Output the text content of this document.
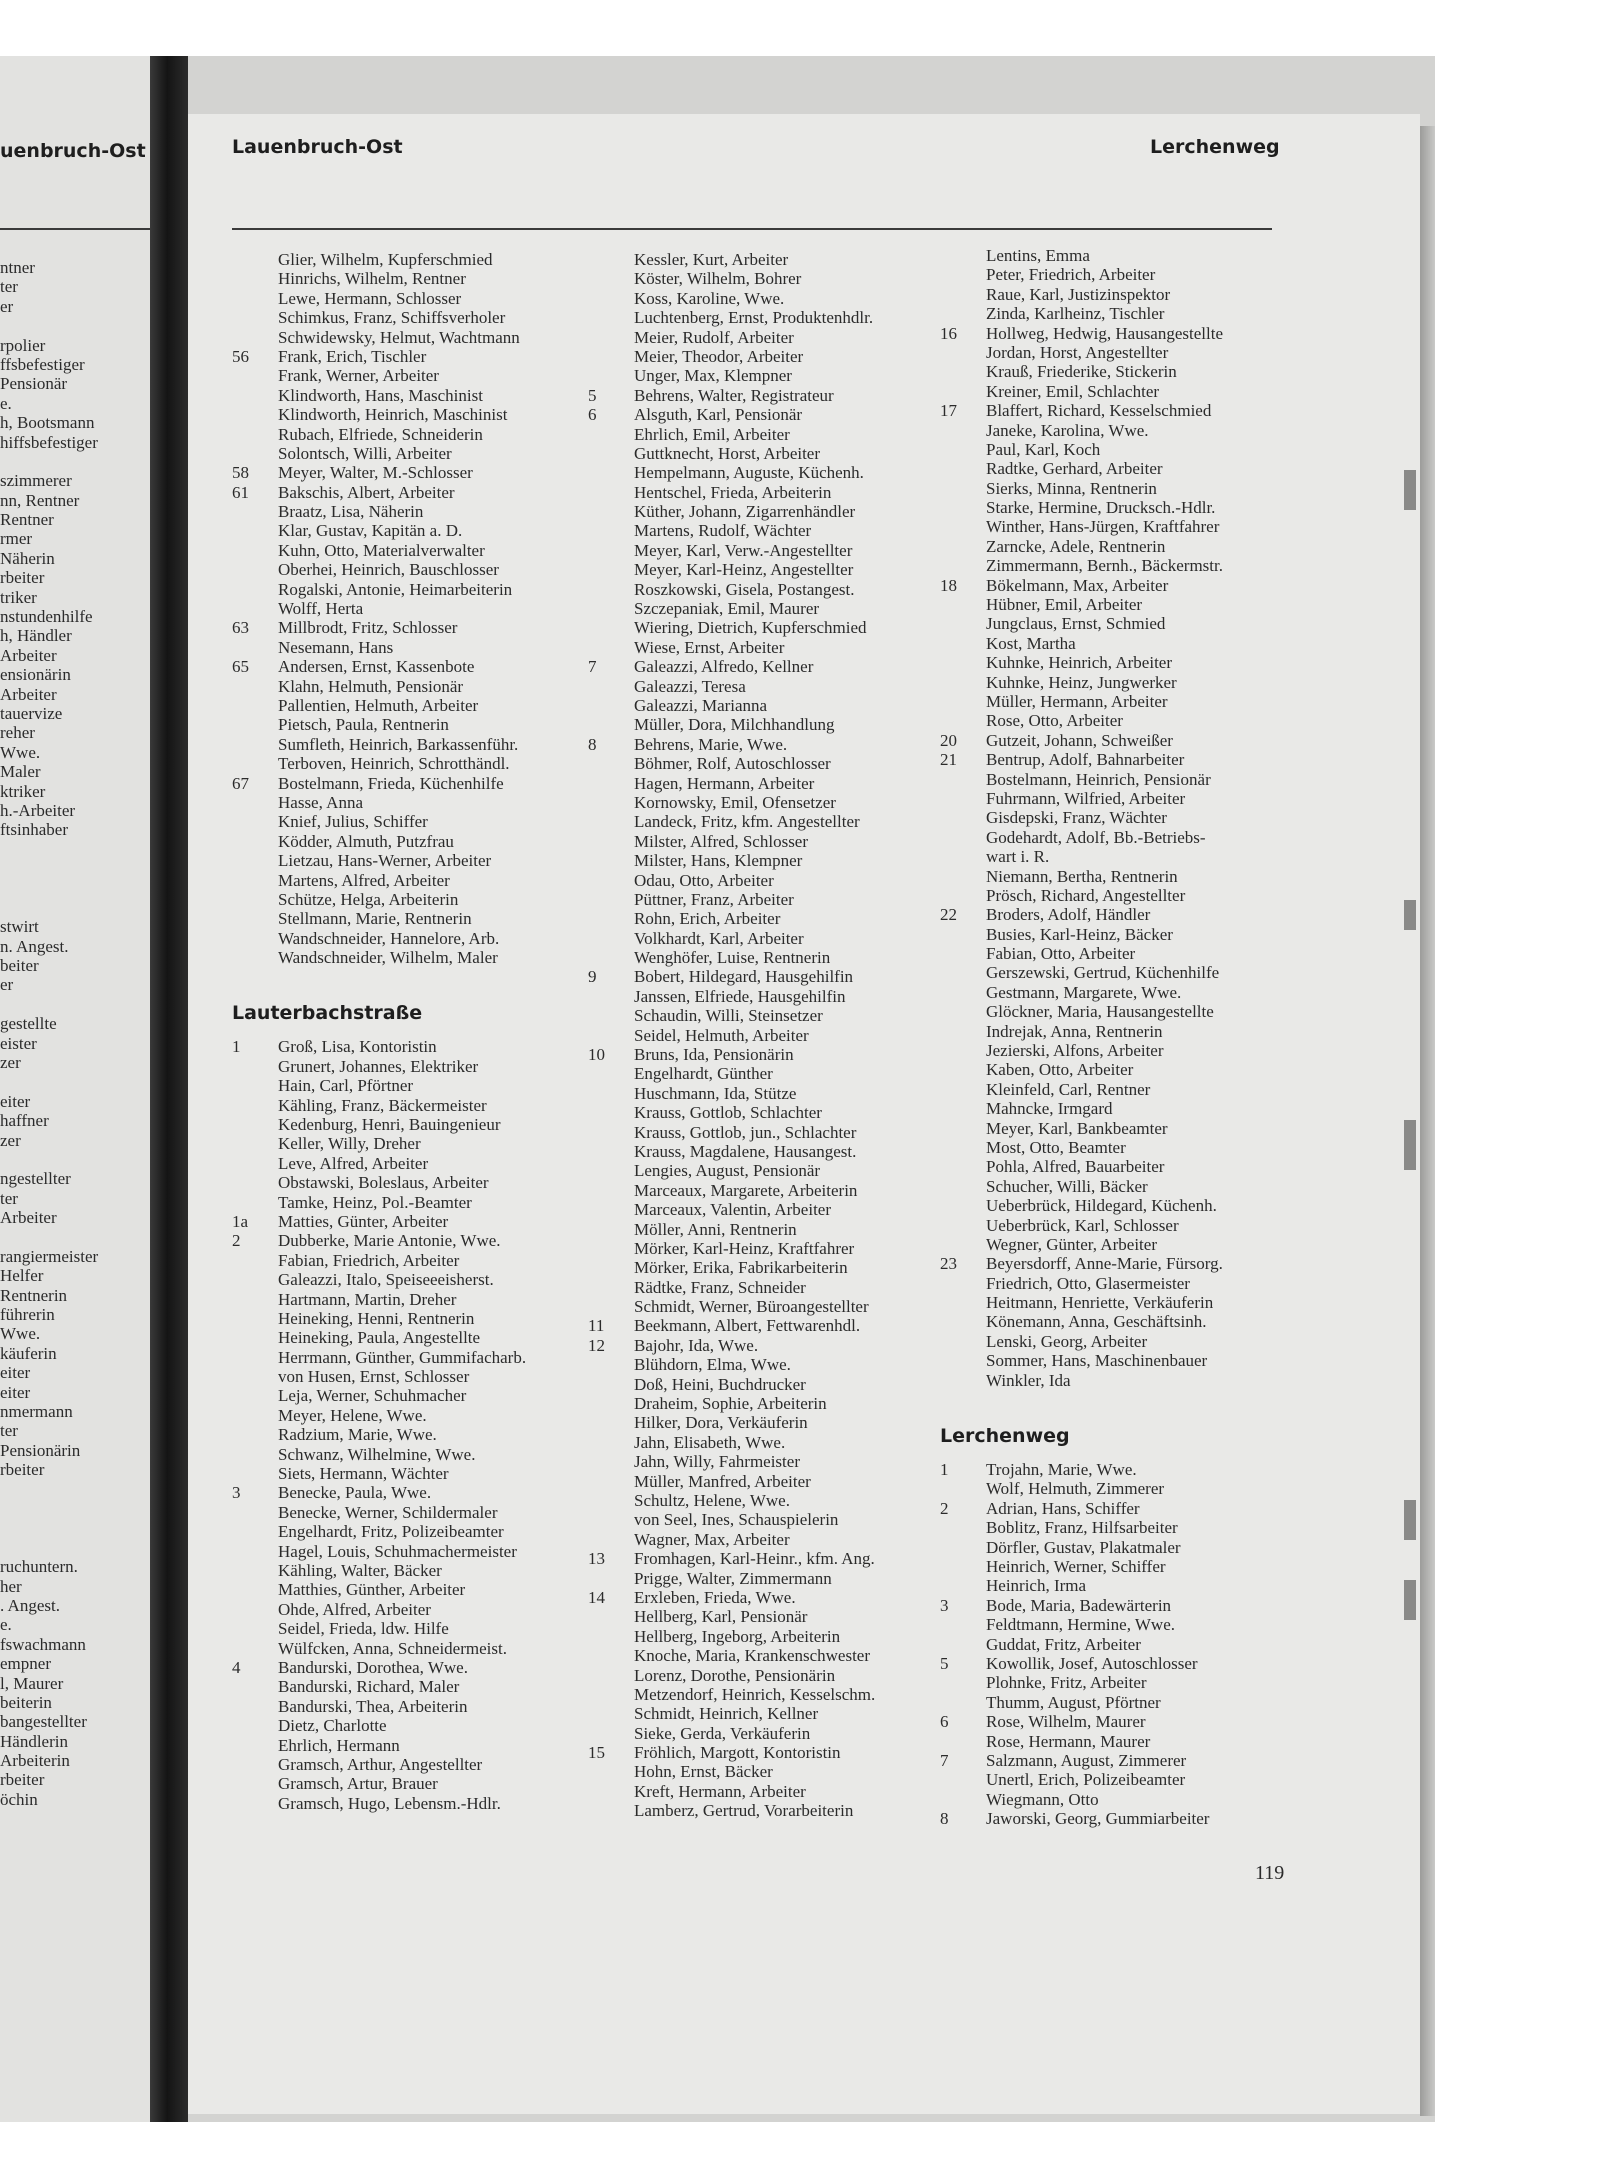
uenbruch-Ost
ntner
ter
er
rpolier
ffsbefestiger
Pensionär
e.
h, Bootsmann
hiffsbefestiger
szimmerer
nn, Rentner
Rentner
rmer
Näherin
rbeiter
triker
nstundenhilfe
h, Händler
Arbeiter
ensionärin
Arbeiter
tauervize
reher
Wwe.
Maler
ktriker
h.-Arbeiter
ftsinhaber
stwirt
n. Angest.
beiter
er
gestellte
eister
zer
eiter
haffner
zer
ngestellter
ter
Arbeiter
rangiermeister
Helfer
Rentnerin
führerin
Wwe.
käuferin
eiter
eiter
nmermann
ter
Pensionärin
rbeiter
ruchuntern.
her
. Angest.
e.
fswachmann
empner
l, Maurer
beiterin
bangestellter
Händlerin
Arbeiterin
rbeiter
öchin
Lauenbruch-Ost	Lerchenweg
Glier, Wilhelm, Kupferschmied
Hinrichs, Wilhelm, Rentner
Lewe, Hermann, Schlosser
Schimkus, Franz, Schiffsverholer
Schwidewsky, Helmut, Wachtmann
56	Frank, Erich, Tischler
Frank, Werner, Arbeiter
Klindworth, Hans, Maschinist
Klindworth, Heinrich, Maschinist
Rubach, Elfriede, Schneiderin
Solontsch, Willi, Arbeiter
58	Meyer, Walter, M.-Schlosser
61	Bakschis, Albert, Arbeiter
Braatz, Lisa, Näherin
Klar, Gustav, Kapitän a. D.
Kuhn, Otto, Materialverwalter
Oberhei, Heinrich, Bauschlosser
Rogalski, Antonie, Heimarbeiterin
Wolff, Herta
63	Millbrodt, Fritz, Schlosser
Nesemann, Hans
65	Andersen, Ernst, Kassenbote
Klahn, Helmuth, Pensionär
Pallentien, Helmuth, Arbeiter
Pietsch, Paula, Rentnerin
Sumfleth, Heinrich, Barkassenführ.
Terboven, Heinrich, Schrotthändl.
67	Bostelmann, Frieda, Küchenhilfe
Hasse, Anna
Knief, Julius, Schiffer
Ködder, Almuth, Putzfrau
Lietzau, Hans-Werner, Arbeiter
Martens, Alfred, Arbeiter
Schütze, Helga, Arbeiterin
Stellmann, Marie, Rentnerin
Wandschneider, Hannelore, Arb.
Wandschneider, Wilhelm, Maler
Lauterbachstraße
1	Groß, Lisa, Kontoristin
Grunert, Johannes, Elektriker
Hain, Carl, Pförtner
Kähling, Franz, Bäckermeister
Kedenburg, Henri, Bauingenieur
Keller, Willy, Dreher
Leve, Alfred, Arbeiter
Obstawski, Boleslaus, Arbeiter
Tamke, Heinz, Pol.-Beamter
1a	Matties, Günter, Arbeiter
2	Dubberke, Marie Antonie, Wwe.
Fabian, Friedrich, Arbeiter
Galeazzi, Italo, Speiseeeisherst.
Hartmann, Martin, Dreher
Heineking, Henni, Rentnerin
Heineking, Paula, Angestellte
Herrmann, Günther, Gummifacharb.
von Husen, Ernst, Schlosser
Leja, Werner, Schuhmacher
Meyer, Helene, Wwe.
Radzium, Marie, Wwe.
Schwanz, Wilhelmine, Wwe.
Siets, Hermann, Wächter
3	Benecke, Paula, Wwe.
Benecke, Werner, Schildermaler
Engelhardt, Fritz, Polizeibeamter
Hagel, Louis, Schuhmachermeister
Kähling, Walter, Bäcker
Matthies, Günther, Arbeiter
Ohde, Alfred, Arbeiter
Seidel, Frieda, ldw. Hilfe
Wülfcken, Anna, Schneidermeist.
4	Bandurski, Dorothea, Wwe.
Bandurski, Richard, Maler
Bandurski, Thea, Arbeiterin
Dietz, Charlotte
Ehrlich, Hermann
Gramsch, Arthur, Angestellter
Gramsch, Artur, Brauer
Gramsch, Hugo, Lebensm.-Hdlr.
Kessler, Kurt, Arbeiter
Köster, Wilhelm, Bohrer
Koss, Karoline, Wwe.
Luchtenberg, Ernst, Produktenhdlr.
Meier, Rudolf, Arbeiter
Meier, Theodor, Arbeiter
Unger, Max, Klempner
5	Behrens, Walter, Registrateur
6	Alsguth, Karl, Pensionär
Ehrlich, Emil, Arbeiter
Guttknecht, Horst, Arbeiter
Hempelmann, Auguste, Küchenh.
Hentschel, Frieda, Arbeiterin
Küther, Johann, Zigarrenhändler
Martens, Rudolf, Wächter
Meyer, Karl, Verw.-Angestellter
Meyer, Karl-Heinz, Angestellter
Roszkowski, Gisela, Postangest.
Szczepaniak, Emil, Maurer
Wiering, Dietrich, Kupferschmied
Wiese, Ernst, Arbeiter
7	Galeazzi, Alfredo, Kellner
Galeazzi, Teresa
Galeazzi, Marianna
Müller, Dora, Milchhandlung
8	Behrens, Marie, Wwe.
Böhmer, Rolf, Autoschlosser
Hagen, Hermann, Arbeiter
Kornowsky, Emil, Ofensetzer
Landeck, Fritz, kfm. Angestellter
Milster, Alfred, Schlosser
Milster, Hans, Klempner
Odau, Otto, Arbeiter
Püttner, Franz, Arbeiter
Rohn, Erich, Arbeiter
Volkhardt, Karl, Arbeiter
Wenghöfer, Luise, Rentnerin
9	Bobert, Hildegard, Hausgehilfin
Janssen, Elfriede, Hausgehilfin
Schaudin, Willi, Steinsetzer
Seidel, Helmuth, Arbeiter
10	Bruns, Ida, Pensionärin
Engelhardt, Günther
Huschmann, Ida, Stütze
Krauss, Gottlob, Schlachter
Krauss, Gottlob, jun., Schlachter
Krauss, Magdalene, Hausangest.
Lengies, August, Pensionär
Marceaux, Margarete, Arbeiterin
Marceaux, Valentin, Arbeiter
Möller, Anni, Rentnerin
Mörker, Karl-Heinz, Kraftfahrer
Mörker, Erika, Fabrikarbeiterin
Rädtke, Franz, Schneider
Schmidt, Werner, Büroangestellter
11	Beekmann, Albert, Fettwarenhdl.
12	Bajohr, Ida, Wwe.
Blühdorn, Elma, Wwe.
Doß, Heini, Buchdrucker
Draheim, Sophie, Arbeiterin
Hilker, Dora, Verkäuferin
Jahn, Elisabeth, Wwe.
Jahn, Willy, Fahrmeister
Müller, Manfred, Arbeiter
Schultz, Helene, Wwe.
von Seel, Ines, Schauspielerin
Wagner, Max, Arbeiter
13	Fromhagen, Karl-Heinr., kfm. Ang.
Prigge, Walter, Zimmermann
14	Erxleben, Frieda, Wwe.
Hellberg, Karl, Pensionär
Hellberg, Ingeborg, Arbeiterin
Knoche, Maria, Krankenschwester
Lorenz, Dorothe, Pensionärin
Metzendorf, Heinrich, Kesselschm.
Schmidt, Heinrich, Kellner
Sieke, Gerda, Verkäuferin
15	Fröhlich, Margott, Kontoristin
Hohn, Ernst, Bäcker
Kreft, Hermann, Arbeiter
Lamberz, Gertrud, Vorarbeiterin
Lentins, Emma
Peter, Friedrich, Arbeiter
Raue, Karl, Justizinspektor
Zinda, Karlheinz, Tischler
16	Hollweg, Hedwig, Hausangestellte
Jordan, Horst, Angestellter
Krauß, Friederike, Stickerin
Kreiner, Emil, Schlachter
17	Blaffert, Richard, Kesselschmied
Janeke, Karolina, Wwe.
Paul, Karl, Koch
Radtke, Gerhard, Arbeiter
Sierks, Minna, Rentnerin
Starke, Hermine, Drucksch.-Hdlr.
Winther, Hans-Jürgen, Kraftfahrer
Zarncke, Adele, Rentnerin
Zimmermann, Bernh., Bäckermstr.
18	Bökelmann, Max, Arbeiter
Hübner, Emil, Arbeiter
Jungclaus, Ernst, Schmied
Kost, Martha
Kuhnke, Heinrich, Arbeiter
Kuhnke, Heinz, Jungwerker
Müller, Hermann, Arbeiter
Rose, Otto, Arbeiter
20	Gutzeit, Johann, Schweißer
21	Bentrup, Adolf, Bahnarbeiter
Bostelmann, Heinrich, Pensionär
Fuhrmann, Wilfried, Arbeiter
Gisdepski, Franz, Wächter
Godehardt, Adolf, Bb.-Betriebs-
wart i. R.
Niemann, Bertha, Rentnerin
Prösch, Richard, Angestellter
22	Broders, Adolf, Händler
Busies, Karl-Heinz, Bäcker
Fabian, Otto, Arbeiter
Gerszewski, Gertrud, Küchenhilfe
Gestmann, Margarete, Wwe.
Glöckner, Maria, Hausangestellte
Indrejak, Anna, Rentnerin
Jezierski, Alfons, Arbeiter
Kaben, Otto, Arbeiter
Kleinfeld, Carl, Rentner
Mahncke, Irmgard
Meyer, Karl, Bankbeamter
Most, Otto, Beamter
Pohla, Alfred, Bauarbeiter
Schucher, Willi, Bäcker
Ueberbrück, Hildegard, Küchenh.
Ueberbrück, Karl, Schlosser
Wegner, Günter, Arbeiter
23	Beyersdorff, Anne-Marie, Fürsorg.
Friedrich, Otto, Glasermeister
Heitmann, Henriette, Verkäuferin
Könemann, Anna, Geschäftsinh.
Lenski, Georg, Arbeiter
Sommer, Hans, Maschinenbauer
Winkler, Ida
Lerchenweg
1	Trojahn, Marie, Wwe.
Wolf, Helmuth, Zimmerer
2	Adrian, Hans, Schiffer
Boblitz, Franz, Hilfsarbeiter
Dörfler, Gustav, Plakatmaler
Heinrich, Werner, Schiffer
Heinrich, Irma
3	Bode, Maria, Badewärterin
Feldtmann, Hermine, Wwe.
Guddat, Fritz, Arbeiter
5	Kowollik, Josef, Autoschlosser
Plohnke, Fritz, Arbeiter
Thumm, August, Pförtner
6	Rose, Wilhelm, Maurer
Rose, Hermann, Maurer
7	Salzmann, August, Zimmerer
Unertl, Erich, Polizeibeamter
Wiegmann, Otto
8	Jaworski, Georg, Gummiarbeiter
119
